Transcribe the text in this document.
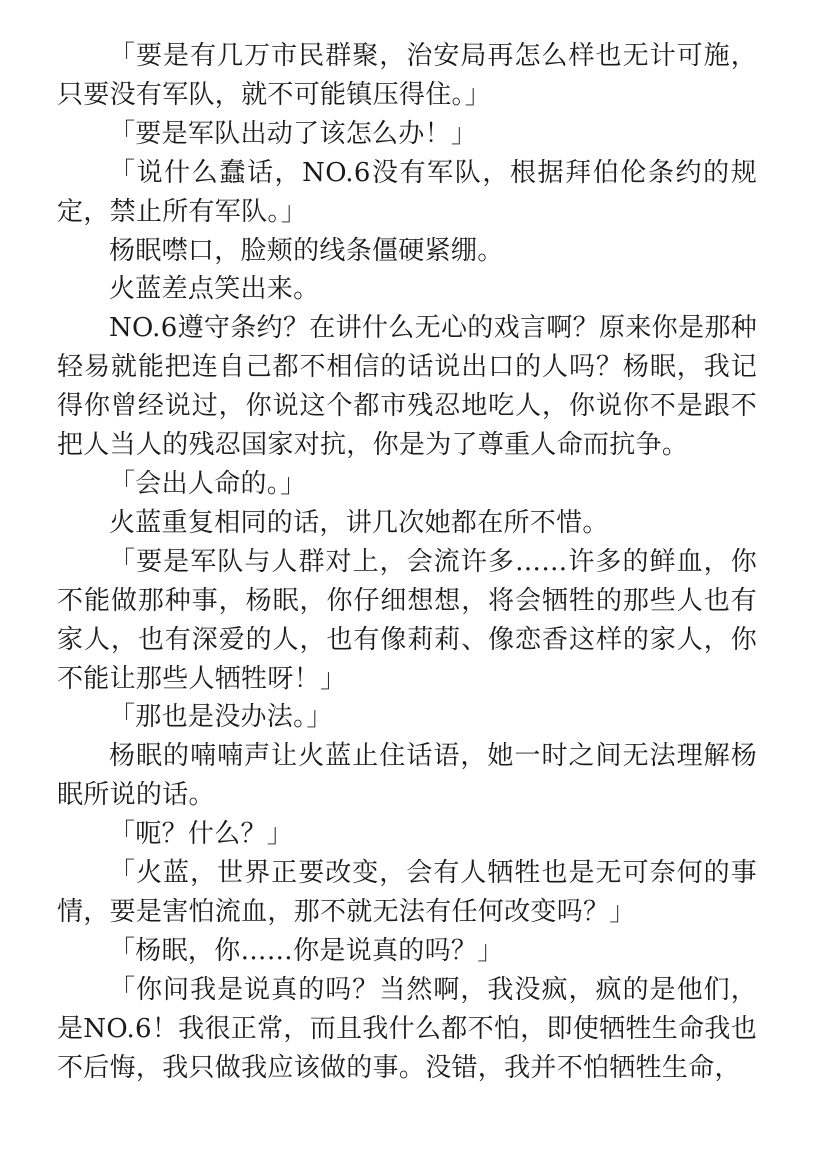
「要是有几万市民群聚，治安局再怎么样也无计可施，只要没有军队，就不可能镇压得住。」

「要是军队出动了该怎么办！」

「说什么蠢话，NO.6没有军队，根据拜伯伦条约的规定，禁止所有军队。」

杨眠噤口，脸颊的线条僵硬紧绷。

火蓝差点笑出来。

NO.6遵守条约？在讲什么无心的戏言啊？原来你是那种轻易就能把连自己都不相信的话说出口的人吗？杨眠，我记得你曾经说过，你说这个都市残忍地吃人，你说你不是跟不把人当人的残忍国家对抗，你是为了尊重人命而抗争。

「会出人命的。」

火蓝重复相同的话，讲几次她都在所不惜。

「要是军队与人群对上，会流许多……许多的鲜血，你不能做那种事，杨眠，你仔细想想，将会牺牲的那些人也有家人，也有深爱的人，也有像莉莉、像恋香这样的家人，你不能让那些人牺牲呀！」

「那也是没办法。」

杨眠的喃喃声让火蓝止住话语，她一时之间无法理解杨眠所说的话。

「呃？什么？」

「火蓝，世界正要改变，会有人牺牲也是无可奈何的事情，要是害怕流血，那不就无法有任何改变吗？」

「杨眠，你……你是说真的吗？」

「你问我是说真的吗？当然啊，我没疯，疯的是他们，是NO.6！我很正常，而且我什么都不怕，即使牺牲生命我也不后悔，我只做我应该做的事。没错，我并不怕牺牲生命，
